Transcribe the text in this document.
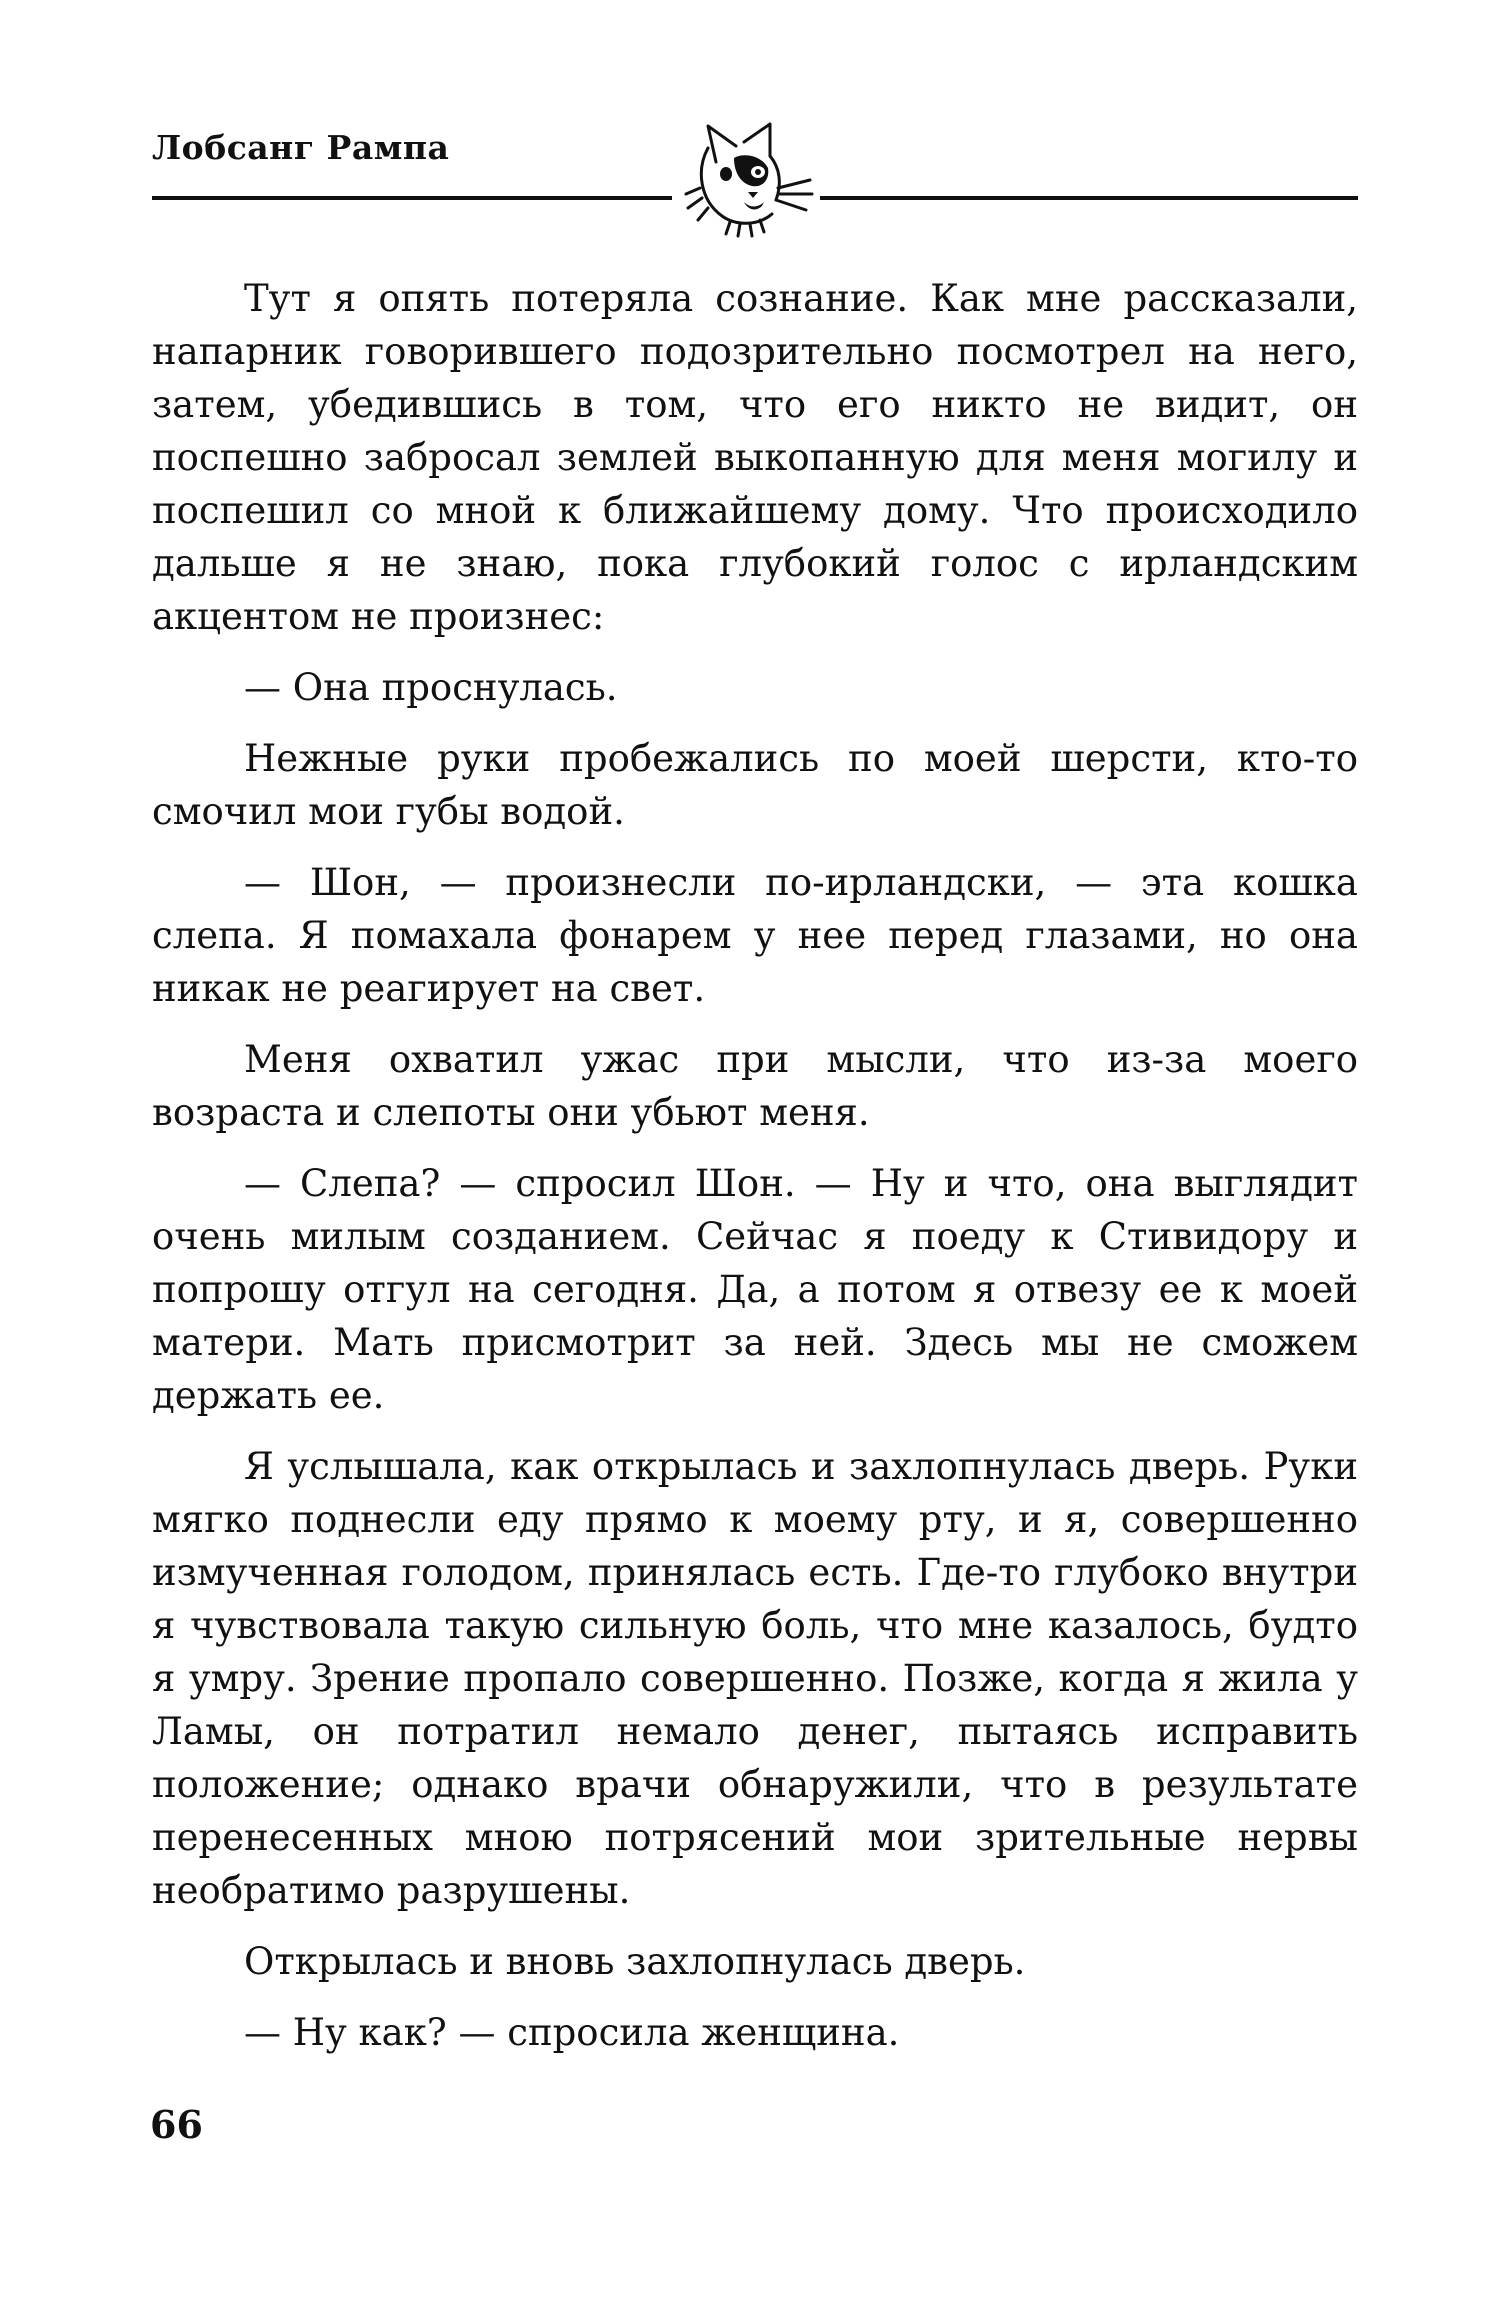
Лобсанг Рампа

Тут я опять потеряла сознание. Как мне рассказали, напарник говорившего подозрительно посмотрел на него, затем, убедившись в том, что его никто не видит, он поспешно забросал землей выкопанную для меня могилу и поспешил со мной к ближайшему дому. Что происходило дальше я не знаю, пока глубокий голос с ирландским акцентом не произнес:

— Она проснулась.

Нежные руки пробежались по моей шерсти, кто-то смочил мои губы водой.

— Шон, — произнесли по-ирландски, — эта кошка слепа. Я помахала фонарем у нее перед глазами, но она никак не реагирует на свет.

Меня охватил ужас при мысли, что из-за моего возраста и слепоты они убьют меня.

— Слепа? — спросил Шон. — Ну и что, она выглядит очень милым созданием. Сейчас я поеду к Стивидору и попрошу отгул на сегодня. Да, а потом я отвезу ее к моей матери. Мать присмотрит за ней. Здесь мы не сможем держать ее.

Я услышала, как открылась и захлопнулась дверь. Руки мягко поднесли еду прямо к моему рту, и я, совершенно измученная голодом, принялась есть. Где-то глубоко внутри я чувствовала такую сильную боль, что мне казалось, будто я умру. Зрение пропало совершенно. Позже, когда я жила у Ламы, он потратил немало денег, пытаясь исправить положение; однако врачи обнаружили, что в результате перенесенных мною потрясений мои зрительные нервы необратимо разрушены.

Открылась и вновь захлопнулась дверь.

— Ну как? — спросила женщина.

66
